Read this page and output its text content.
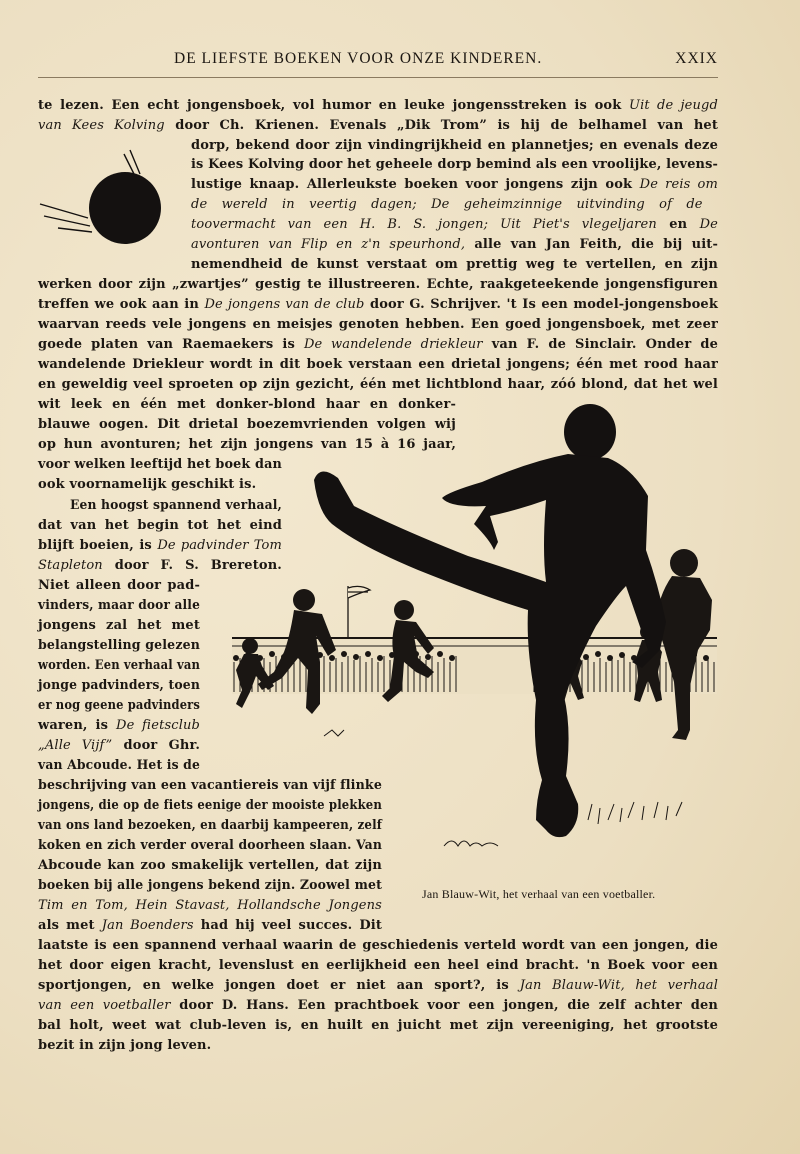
DE LIEFSTE BOEKEN VOOR ONZE KINDEREN.	XXIX
te lezen. Een echt jongensboek, vol humor en leuke jongensstreken is ook Uit de jeugd
van Kees Kolving door Ch. Krienen. Evenals „Dik Trom” is hij de belhamel van het
dorp, bekend door zijn vindingrijkheid en plannetjes; en evenals deze
is Kees Kolving door het geheele dorp bemind als een vroolijke, levens-
lustige knaap. Allerleukste boeken voor jongens zijn ook De reis om
de wereld in veertig dagen; De geheimzinnige uitvinding of de
toovermacht van een H. B. S. jongen; Uit Piet's vlegeljaren en De
avonturen van Flip en z'n speurhond, alle van Jan Feith, die bij uit-
nemendheid de kunst verstaat om prettig weg te vertellen, en zijn
werken door zijn „zwartjes” gestig te illustreeren. Echte, raakgeteekende jongensfiguren
treffen we ook aan in De jongens van de club door G. Schrijver. 't Is een model-jongensboek
waarvan reeds vele jongens en meisjes genoten hebben. Een goed jongensboek, met zeer
goede platen van Raemaekers is De wandelende driekleur van F. de Sinclair. Onder de
wandelende Driekleur wordt in dit boek verstaan een drietal jongens; één met rood haar
en geweldig veel sproeten op zijn gezicht, één met lichtblond haar, zóó blond, dat het wel
wit leek en één met donker-blond haar en donker-
blauwe oogen. Dit drietal boezemvrienden volgen wij
op hun avonturen; het zijn jongens van 15 à 16 jaar,
voor welken leeftijd het boek dan
ook voornamelijk geschikt is.
Een hoogst spannend verhaal,
dat van het begin tot het eind
blijft boeien, is De padvinder Tom
Stapleton door F. S. Brereton.
Niet alleen door pad-
vinders, maar door alle
jongens zal het met
belangstelling gelezen
worden. Een verhaal van
jonge padvinders, toen
er nog geene padvinders
waren, is De fietsclub
„Alle Vijf” door Ghr.
van Abcoude. Het is de
beschrijving van een vacantiereis van vijf flinke
jongens, die op de fiets eenige der mooiste plekken
van ons land bezoeken, en daarbij kampeeren, zelf
koken en zich verder overal doorheen slaan. Van
Abcoude kan zoo smakelijk vertellen, dat zijn
boeken bij alle jongens bekend zijn. Zoowel met
Tim en Tom, Hein Stavast, Hollandsche Jongens
als met Jan Boenders had hij veel succes. Dit
laatste is een spannend verhaal waarin de geschiedenis verteld wordt van een jongen, die
het door eigen kracht, levenslust en eerlijkheid een heel eind bracht. 'n Boek voor een
sportjongen, en welke jongen doet er niet aan sport?, is Jan Blauw-Wit, het verhaal
van een voetballer door D. Hans. Een prachtboek voor een jongen, die zelf achter den
bal holt, weet wat club-leven is, en huilt en juicht met zijn vereeniging, het grootste
bezit in zijn jong leven.
Jan Blauw-Wit, het verhaal van een voetballer.
